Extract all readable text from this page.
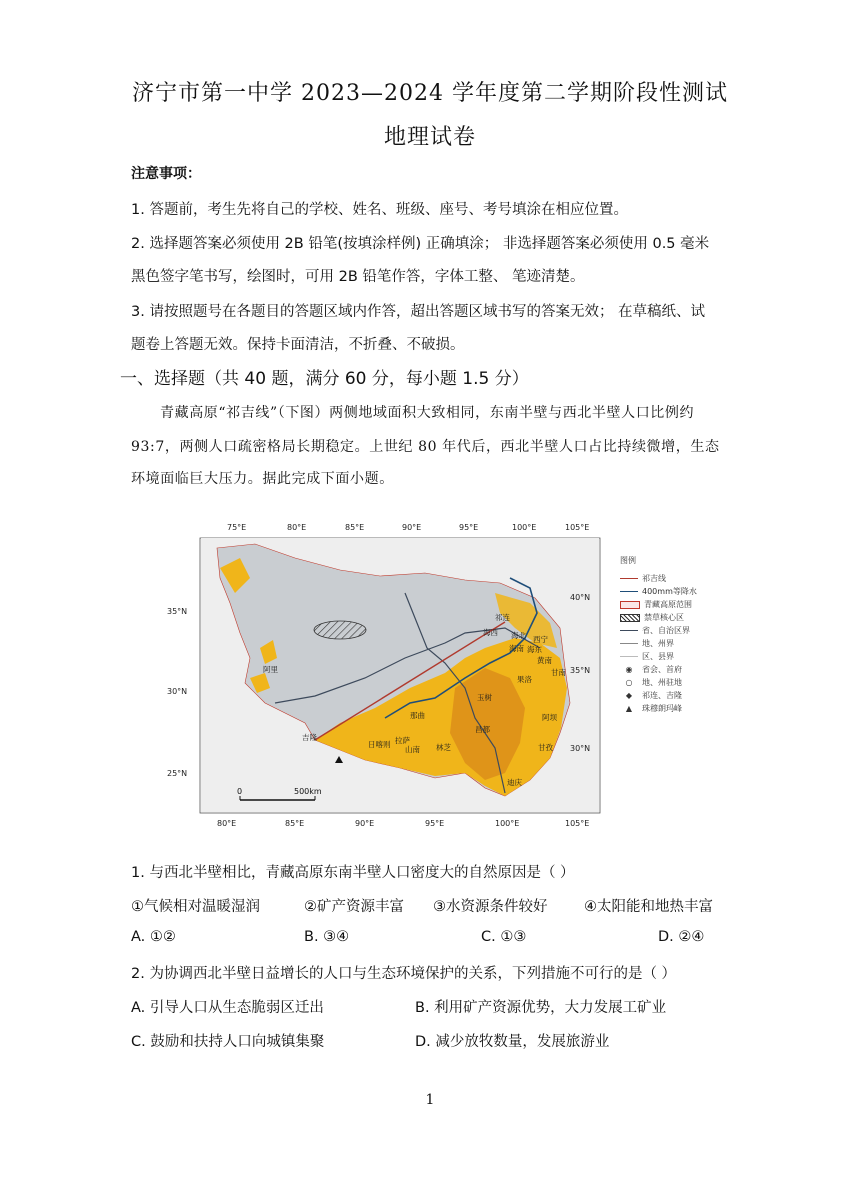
济宁市第一中学 2023—2024 学年度第二学期阶段性测试
地理试卷
注意事项：
1. 答题前，考生先将自己的学校、姓名、班级、座号、考号填涂在相应位置。
2. 选择题答案必须使用 2B 铅笔(按填涂样例) 正确填涂； 非选择题答案必须使用 0.5 毫米
黑色签字笔书写，绘图时，可用 2B 铅笔作答，字体工整、 笔迹清楚。
3. 请按照题号在各题目的答题区域内作答，超出答题区域书写的答案无效； 在草稿纸、试
题卷上答题无效。保持卡面清洁，不折叠、不破损。
一、选择题（共 40 题，满分 60 分，每小题 1.5 分）
青藏高原“祁吉线”（下图）两侧地域面积大致相同，东南半壁与西北半壁人口比例约
93:7，两侧人口疏密格局长期稳定。上世纪 80 年代后，西北半壁人口占比持续微增，生态
环境面临巨大压力。据此完成下面小题。
75°E	80°E	85°E	90°E	95°E	100°E	105°E
80°E	85°E	90°E	95°E	100°E	105°E
35°N
30°N
25°N
40°N
35°N
30°N
祁连
海北
海西
西宁
海东
海南
黄南
甘南
果洛
玉树
阿里
那曲
昌都
阿坝
甘孜
日喀则 拉萨
山南 林芝
吉隆
迪庆
0	500km
图例
祁吉线
400mm等降水
青藏高原范围
禁草核心区
省、自治区界
地、州界
区、县界
◉	省会、首府
○	地、州驻地
◆	祁连、吉隆
▲	珠穆朗玛峰
1. 与西北半壁相比，青藏高原东南半壁人口密度大的自然原因是（ ）
①气候相对温暖湿润	②矿产资源丰富 ③水资源条件较好	④太阳能和地热丰富
A. ①②	B. ③④	C. ①③	D. ②④
2. 为协调西北半壁日益增长的人口与生态环境保护的关系，下列措施不可行的是（ ）
A. 引导人口从生态脆弱区迁出	B. 利用矿产资源优势，大力发展工矿业
C. 鼓励和扶持人口向城镇集聚	D. 减少放牧数量，发展旅游业
1
